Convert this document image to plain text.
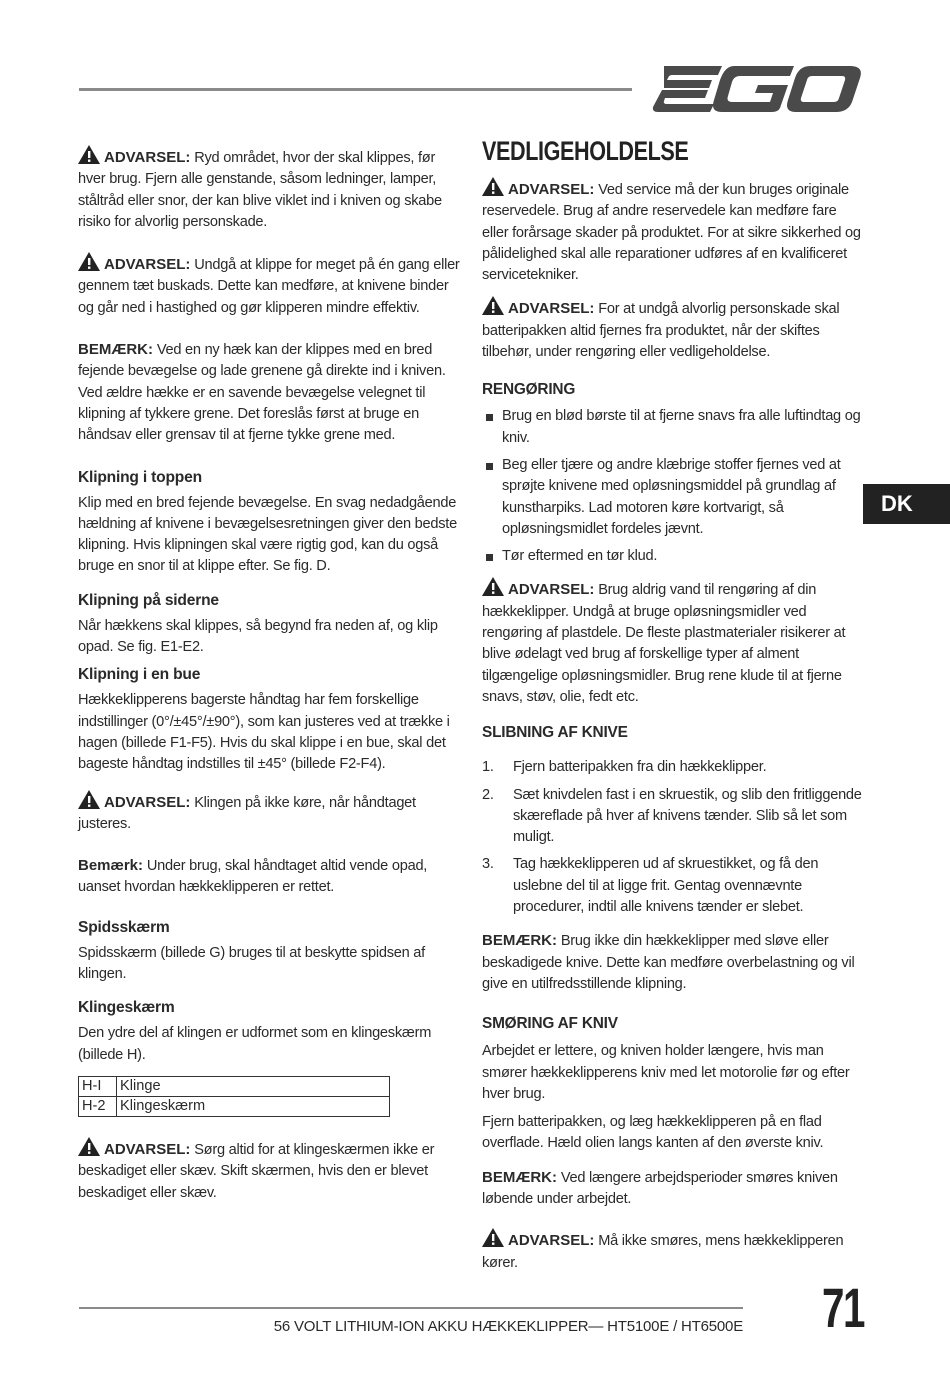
ADVARSEL: Ryd området, hvor der skal klippes, før hver brug. Fjern alle genstande, såsom ledninger, lamper, ståltråd eller snor, der kan blive viklet ind i kniven og skabe risiko for alvorlig personskade.

ADVARSEL: Undgå at klippe for meget på én gang eller gennem tæt buskads. Dette kan medføre, at knivene binder og går ned i hastighed og gør klipperen mindre effektiv.

BEMÆRK: Ved en ny hæk kan der klippes med en bred fejende bevægelse og lade grenene gå direkte ind i kniven. Ved ældre hække er en savende bevægelse velegnet til klipning af tykkere grene. Det foreslås først at bruge en håndsav eller grensav til at fjerne tykke grene med.

Klipning i toppen

Klip med en bred fejende bevægelse. En svag nedadgående hældning af knivene i bevægelsesretningen giver den bedste klipning. Hvis klipningen skal være rigtig god, kan du også bruge en snor til at klippe efter. Se fig. D.

Klipning på siderne

Når hækkens skal klippes, så begynd fra neden af, og klip opad. Se fig. E1-E2.

Klipning i en bue

Hækkeklipperens bagerste håndtag har fem forskellige indstillinger (0°/±45°/±90°), som kan justeres ved at trække i hagen (billede F1-F5). Hvis du skal klippe i en bue, skal det bageste håndtag indstilles til ±45° (billede F2-F4).

ADVARSEL: Klingen på ikke køre, når håndtaget justeres.

Bemærk: Under brug, skal håndtaget altid vende opad, uanset hvordan hækkeklipperen er rettet.

Spidsskærm

Spidsskærm (billede G) bruges til at beskytte spidsen af klingen.

Klingeskærm

Den ydre del af klingen er udformet som en klingeskærm (billede H).

H-I	Klinge
H-2	Klingeskærm

ADVARSEL: Sørg altid for at klingeskærmen ikke er beskadiget eller skæv. Skift skærmen, hvis den er blevet beskadiget eller skæv.

VEDLIGEHOLDELSE

ADVARSEL: Ved service må der kun bruges originale reservedele. Brug af andre reservedele kan medføre fare eller forårsage skader på produktet. For at sikre sikkerhed og pålidelighed skal alle reparationer udføres af en kvalificeret servicetekniker.

ADVARSEL: For at undgå alvorlig personskade skal batteripakken altid fjernes fra produktet, når der skiftes tilbehør, under rengøring eller vedligeholdelse.

RENGØRING
Brug en blød børste til at fjerne snavs fra alle luftindtag og kniv.
Beg eller tjære og andre klæbrige stoffer fjernes ved at sprøjte knivene med opløsningsmiddel på grundlag af kunstharpiks. Lad motoren køre kortvarigt, så opløsningsmidlet fordeles jævnt.
Tør eftermed en tør klud.

ADVARSEL: Brug aldrig vand til rengøring af din hækkeklipper. Undgå at bruge opløsningsmidler ved rengøring af plastdele. De fleste plastmaterialer risikerer at blive ødelagt ved brug af forskellige typer af alment tilgængelige opløsningsmidler. Brug rene klude til at fjerne snavs, støv, olie, fedt etc.

SLIBNING AF KNIVE
1. Fjern batteripakken fra din hækkeklipper.
2. Sæt knivdelen fast i en skruestik, og slib den fritliggende skæreflade på hver af knivens tænder. Slib så let som muligt.
3. Tag hækkeklipperen ud af skruestikket, og få den uslebne del til at ligge frit. Gentag ovennævnte procedurer, indtil alle knivens tænder er slebet.

BEMÆRK: Brug ikke din hækkeklipper med sløve eller beskadigede knive. Dette kan medføre overbelastning og vil give en utilfredsstillende klipning.

SMØRING AF KNIV

Arbejdet er lettere, og kniven holder længere, hvis man smører hækkeklipperens kniv med let motorolie før og efter hver brug.

Fjern batteripakken, og læg hækkeklipperen på en flad overflade. Hæld olien langs kanten af den øverste kniv.

BEMÆRK: Ved længere arbejdsperioder smøres kniven løbende under arbejdet.

ADVARSEL: Må ikke smøres, mens hækkeklipperen kører.

DK
56 VOLT LITHIUM-ION AKKU HÆKKEKLIPPER— HT5100E / HT6500E 71
